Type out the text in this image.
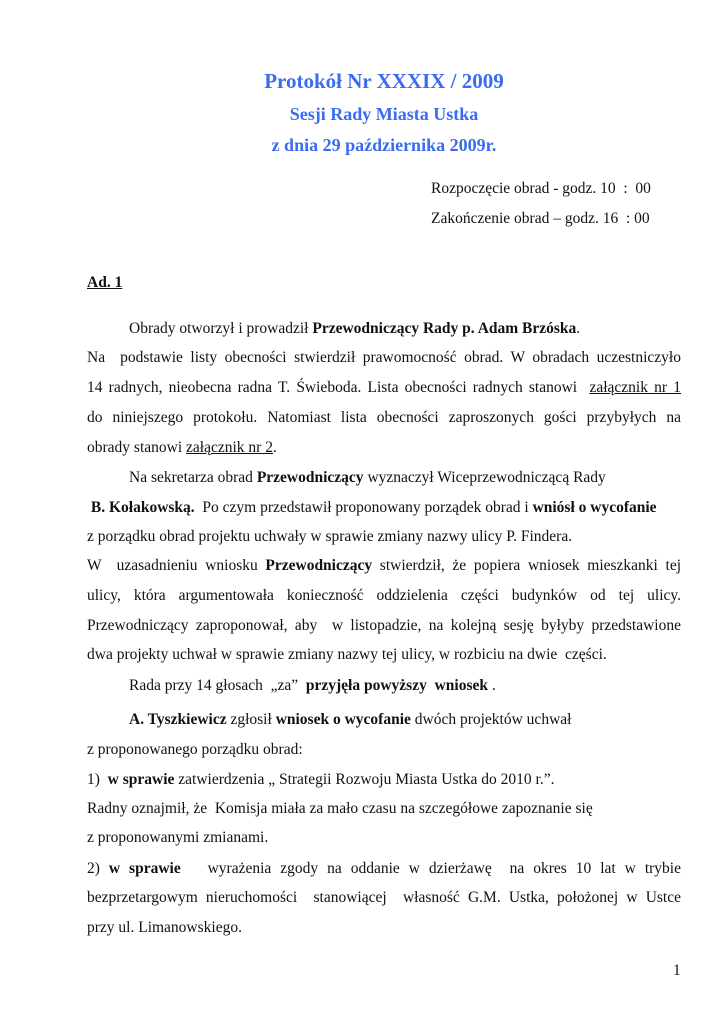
Protokół Nr XXXIX / 2009
Sesji Rady Miasta Ustka
z dnia 29 października 2009r.
Rozpoczęcie obrad - godz. 10  :  00
Zakończenie obrad – godz. 16  : 00
Ad. 1
Obrady otworzył i prowadził Przewodniczący Rady p. Adam Brzóska.
Na  podstawie listy obecności stwierdził prawomocność obrad. W obradach uczestniczyło
14 radnych, nieobecna radna T. Świeboda. Lista obecności radnych stanowi  załącznik nr 1
do niniejszego protokołu. Natomiast lista obecności zaproszonych gości przybyłych na
obrady stanowi załącznik nr 2.
Na sekretarza obrad Przewodniczący wyznaczył Wiceprzewodniczącą Rady
B. Kołakowską.  Po czym przedstawił proponowany porządek obrad i wniósł o wycofanie
z porządku obrad projektu uchwały w sprawie zmiany nazwy ulicy P. Findera.
W  uzasadnieniu wniosku Przewodniczący stwierdził, że popiera wniosek mieszkanki tej
ulicy, która argumentowała konieczność oddzielenia części budynków od tej ulicy.
Przewodniczący zaproponował, aby  w listopadzie, na kolejną sesję byłyby przedstawione
dwa projekty uchwał w sprawie zmiany nazwy tej ulicy, w rozbiciu na dwie  części.
Rada przy 14 głosach  „za”  przyjęła powyższy  wniosek .
A. Tyszkiewicz zgłosił wniosek o wycofanie dwóch projektów uchwał
z proponowanego porządku obrad:
1)  w sprawie zatwierdzenia „ Strategii Rozwoju Miasta Ustka do 2010 r.”.
Radny oznajmił, że  Komisja miała za mało czasu na szczegółowe zapoznanie się
z proponowanymi zmianami.
2) w sprawie   wyrażenia zgody na oddanie w dzierżawę  na okres 10 lat w trybie
bezprzetargowym nieruchomości  stanowiącej  własność G.M. Ustka, położonej w Ustce
przy ul. Limanowskiego.
1
